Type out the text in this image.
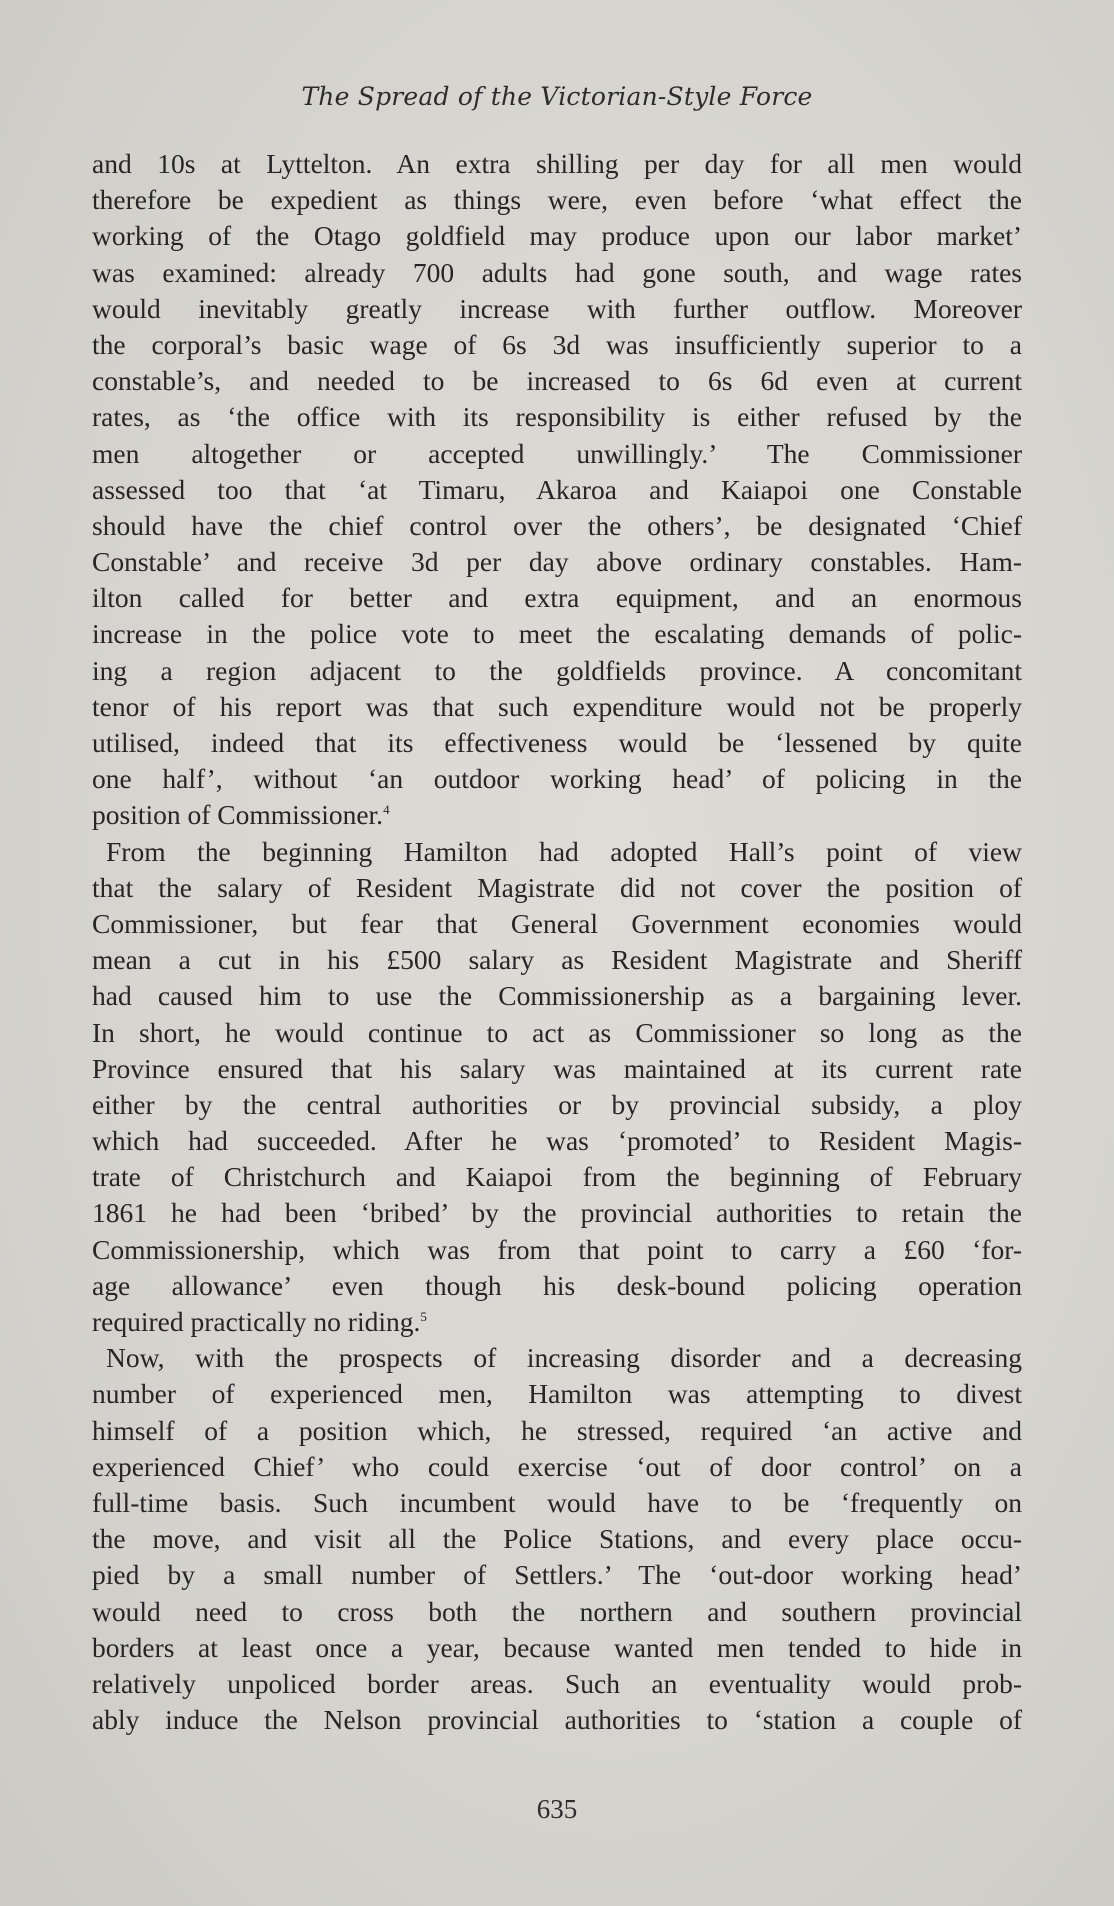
The Spread of the Victorian-Style Force
and 10s at Lyttelton. An extra shilling per day for all men would
therefore be expedient as things were, even before ‘what effect the
working of the Otago goldfield may produce upon our labor market’
was examined: already 700 adults had gone south, and wage rates
would inevitably greatly increase with further outflow. Moreover
the corporal’s basic wage of 6s 3d was insufficiently superior to a
constable’s, and needed to be increased to 6s 6d even at current
rates, as ‘the office with its responsibility is either refused by the
men altogether or accepted unwillingly.’ The Commissioner
assessed too that ‘at Timaru, Akaroa and Kaiapoi one Constable
should have the chief control over the others’, be designated ‘Chief
Constable’ and receive 3d per day above ordinary constables. Ham-
ilton called for better and extra equipment, and an enormous
increase in the police vote to meet the escalating demands of polic-
ing a region adjacent to the goldfields province. A concomitant
tenor of his report was that such expenditure would not be properly
utilised, indeed that its effectiveness would be ‘lessened by quite
one half’, without ‘an outdoor working head’ of policing in the
position of Commissioner.$^4$
From the beginning Hamilton had adopted Hall’s point of view
that the salary of Resident Magistrate did not cover the position of
Commissioner, but fear that General Government economies would
mean a cut in his £500 salary as Resident Magistrate and Sheriff
had caused him to use the Commissionership as a bargaining lever.
In short, he would continue to act as Commissioner so long as the
Province ensured that his salary was maintained at its current rate
either by the central authorities or by provincial subsidy, a ploy
which had succeeded. After he was ‘promoted’ to Resident Magis-
trate of Christchurch and Kaiapoi from the beginning of February
1861 he had been ‘bribed’ by the provincial authorities to retain the
Commissionership, which was from that point to carry a £60 ‘for-
age allowance’ even though his desk-bound policing operation
required practically no riding.$^5$
Now, with the prospects of increasing disorder and a decreasing
number of experienced men, Hamilton was attempting to divest
himself of a position which, he stressed, required ‘an active and
experienced Chief’ who could exercise ‘out of door control’ on a
full-time basis. Such incumbent would have to be ‘frequently on
the move, and visit all the Police Stations, and every place occu-
pied by a small number of Settlers.’ The ‘out-door working head’
would need to cross both the northern and southern provincial
borders at least once a year, because wanted men tended to hide in
relatively unpoliced border areas. Such an eventuality would prob-
ably induce the Nelson provincial authorities to ‘station a couple of
635
